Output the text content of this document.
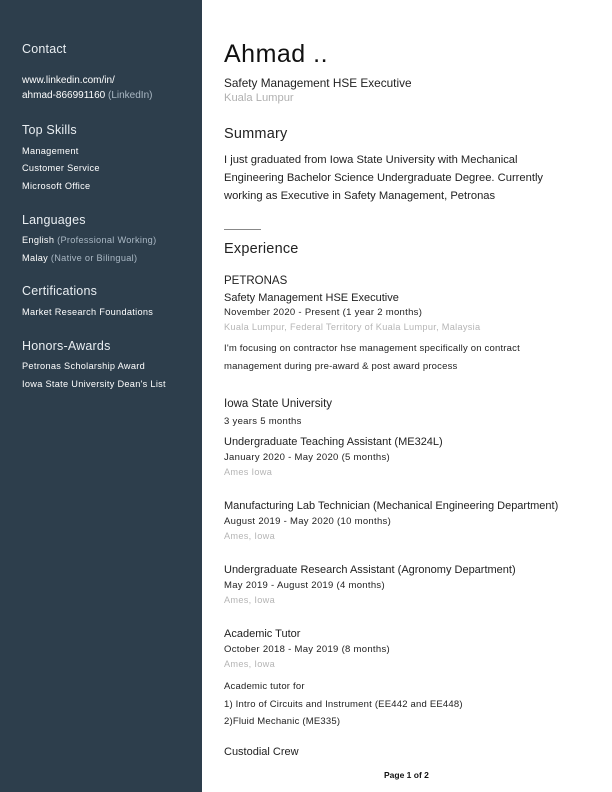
Contact
www.linkedin.com/in/
ahmad-866991160 (LinkedIn)
Top Skills
Management
Customer Service
Microsoft Office
Languages
English (Professional Working)
Malay (Native or Bilingual)
Certifications
Market Research Foundations
Honors-Awards
Petronas Scholarship Award
Iowa State University Dean's List
Ahmad ..
Safety Management HSE Executive
Kuala Lumpur
Summary
I just graduated from Iowa State University with Mechanical
Engineering Bachelor Science Undergraduate Degree. Currently
working as Executive in Safety Management, Petronas
Experience
PETRONAS
Safety Management HSE Executive
November 2020 - Present (1 year 2 months)
Kuala Lumpur, Federal Territory of Kuala Lumpur, Malaysia
I'm focusing on contractor hse management specifically on contract
management during pre-award & post award process
Iowa State University
3 years 5 months
Undergraduate Teaching Assistant (ME324L)
January 2020 - May 2020 (5 months)
Ames Iowa
Manufacturing Lab Technician (Mechanical Engineering Department)
August 2019 - May 2020 (10 months)
Ames, Iowa
Undergraduate Research Assistant (Agronomy Department)
May 2019 - August 2019 (4 months)
Ames, Iowa
Academic Tutor
October 2018 - May 2019 (8 months)
Ames, Iowa
Academic tutor for
1) Intro of Circuits and Instrument (EE442 and EE448)
2)Fluid Mechanic (ME335)
Custodial Crew
Page 1 of 2
